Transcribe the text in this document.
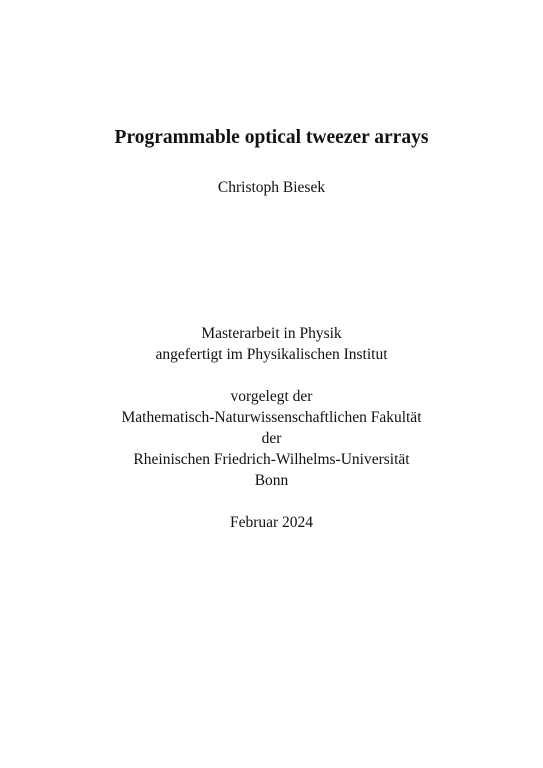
Programmable optical tweezer arrays
Christoph Biesek
Masterarbeit in Physik
angefertigt im Physikalischen Institut
vorgelegt der
Mathematisch-Naturwissenschaftlichen Fakultät
der
Rheinischen Friedrich-Wilhelms-Universität
Bonn
Februar 2024
